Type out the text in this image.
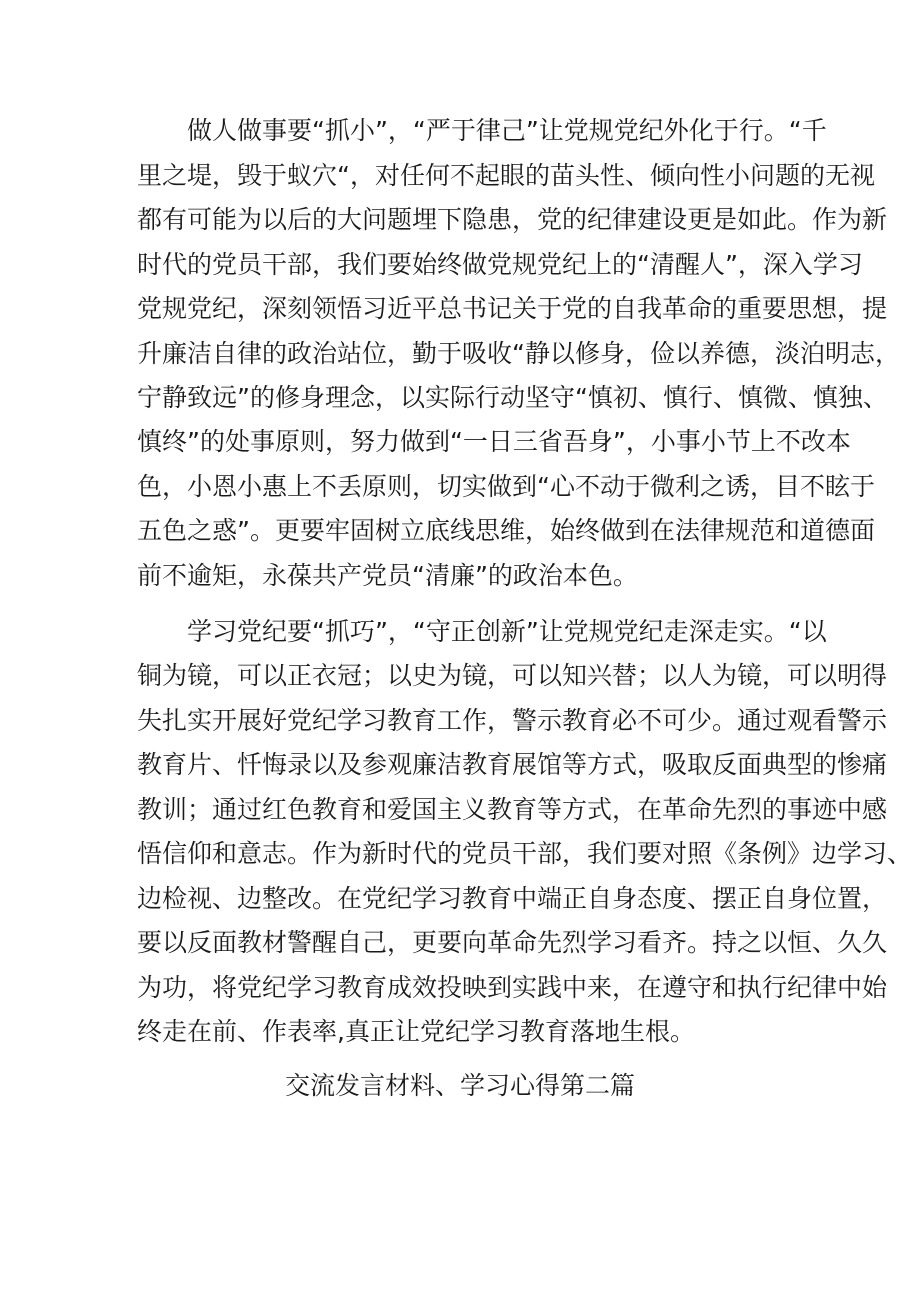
　　做人做事要“抓小”，“严于律己”让党规党纪外化于行。“千
里之堤，毁于蚁穴“，对任何不起眼的苗头性、倾向性小问题的无视
都有可能为以后的大问题埋下隐患，党的纪律建设更是如此。作为新
时代的党员干部，我们要始终做党规党纪上的“清醒人”，深入学习
党规党纪，深刻领悟习近平总书记关于党的自我革命的重要思想，提
升廉洁自律的政治站位，勤于吸收“静以修身，俭以养德，淡泊明志，
宁静致远”的修身理念，以实际行动坚守“慎初、慎行、慎微、慎独、
慎终”的处事原则，努力做到“一日三省吾身”，小事小节上不改本
色，小恩小惠上不丢原则，切实做到“心不动于微利之诱，目不眩于
五色之惑”。更要牢固树立底线思维，始终做到在法律规范和道德面
前不逾矩，永葆共产党员“清廉”的政治本色。
　　学习党纪要“抓巧”，“守正创新”让党规党纪走深走实。“以
铜为镜，可以正衣冠；以史为镜，可以知兴替；以人为镜，可以明得
失扎实开展好党纪学习教育工作，警示教育必不可少。通过观看警示
教育片、忏悔录以及参观廉洁教育展馆等方式，吸取反面典型的惨痛
教训；通过红色教育和爱国主义教育等方式，在革命先烈的事迹中感
悟信仰和意志。作为新时代的党员干部，我们要对照《条例》边学习、
边检视、边整改。在党纪学习教育中端正自身态度、摆正自身位置，
要以反面教材警醒自己，更要向革命先烈学习看齐。持之以恒、久久
为功，将党纪学习教育成效投映到实践中来，在遵守和执行纪律中始
终走在前、作表率,真正让党纪学习教育落地生根。
交流发言材料、学习心得第二篇
